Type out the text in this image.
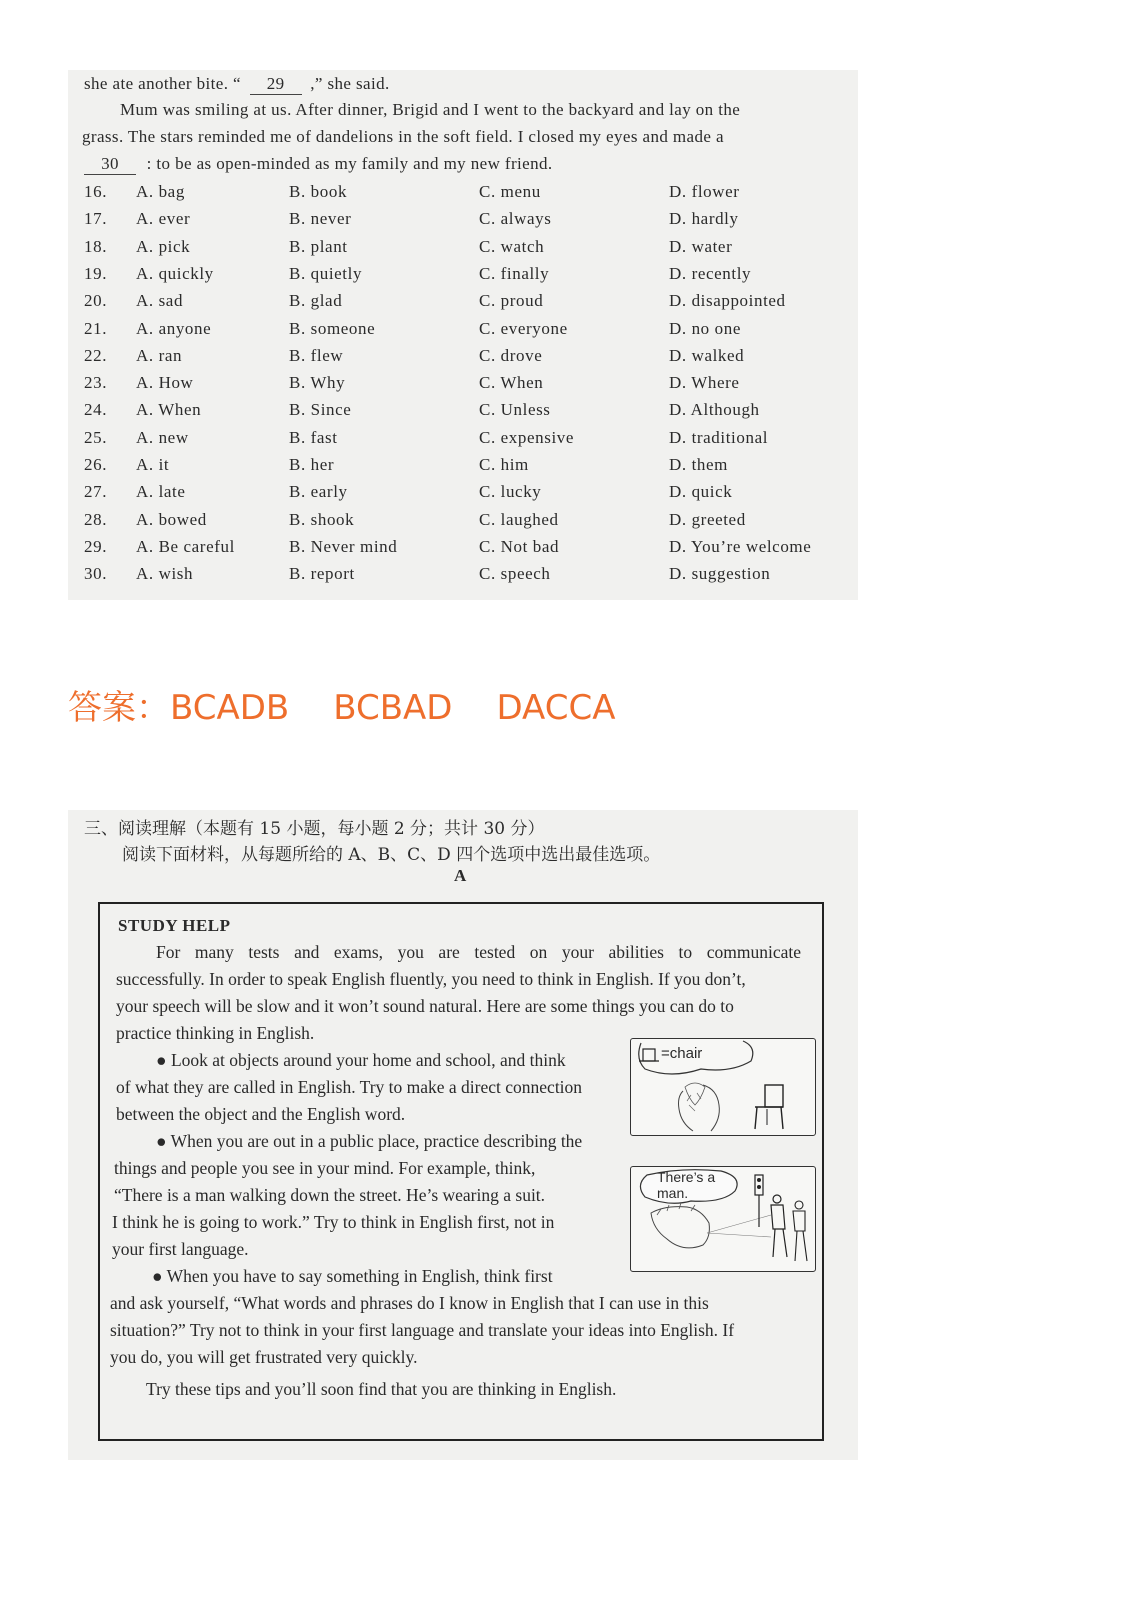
she ate another bite. “ 29 ,” she said.
Mum was smiling at us. After dinner, Brigid and I went to the backyard and lay on the
grass. The stars reminded me of dandelions in the soft field. I closed my eyes and made a
30 : to be as open-minded as my family and my new friend.
16. A. bag	B. book	C. menu	D. flower
17. A. ever	B. never	C. always	D. hardly
18. A. pick	B. plant	C. watch	D. water
19. A. quickly	B. quietly	C. finally	D. recently
20. A. sad	B. glad	C. proud	D. disappointed
21. A. anyone	B. someone	C. everyone	D. no one
22. A. ran	B. flew	C. drove	D. walked
23. A. How	B. Why	C. When	D. Where
24. A. When	B. Since	C. Unless	D. Although
25. A. new	B. fast	C. expensive	D. traditional
26. A. it	B. her	C. him	D. them
27. A. late	B. early	C. lucky	D. quick
28. A. bowed	B. shook	C. laughed	D. greeted
29. A. Be careful	B. Never mind	C. Not bad	D. You’re welcome
30. A. wish	B. report	C. speech	D. suggestion
答案：BCADB BCBAD DACCA
三、阅读理解（本题有 15 小题，每小题 2 分；共计 30 分）
阅读下面材料，从每题所给的 A、B、C、D 四个选项中选出最佳选项。
A
STUDY HELP
For many tests and exams, you are tested on your abilities to communicate
successfully. In order to speak English fluently, you need to think in English. If you don’t,
your speech will be slow and it won’t sound natural. Here are some things you can do to
practice thinking in English.
● Look at objects around your home and school, and think
of what they are called in English. Try to make a direct connection
between the object and the English word.
● When you are out in a public place, practice describing the
things and people you see in your mind. For example, think,
“There is a man walking down the street. He’s wearing a suit.
I think he is going to work.” Try to think in English first, not in
your first language.
● When you have to say something in English, think first
and ask yourself, “What words and phrases do I know in English that I can use in this
situation?” Try not to think in your first language and translate your ideas into English. If
you do, you will get frustrated very quickly.
Try these tips and you’ll soon find that you are thinking in English.
=chair
There’s a
man.
